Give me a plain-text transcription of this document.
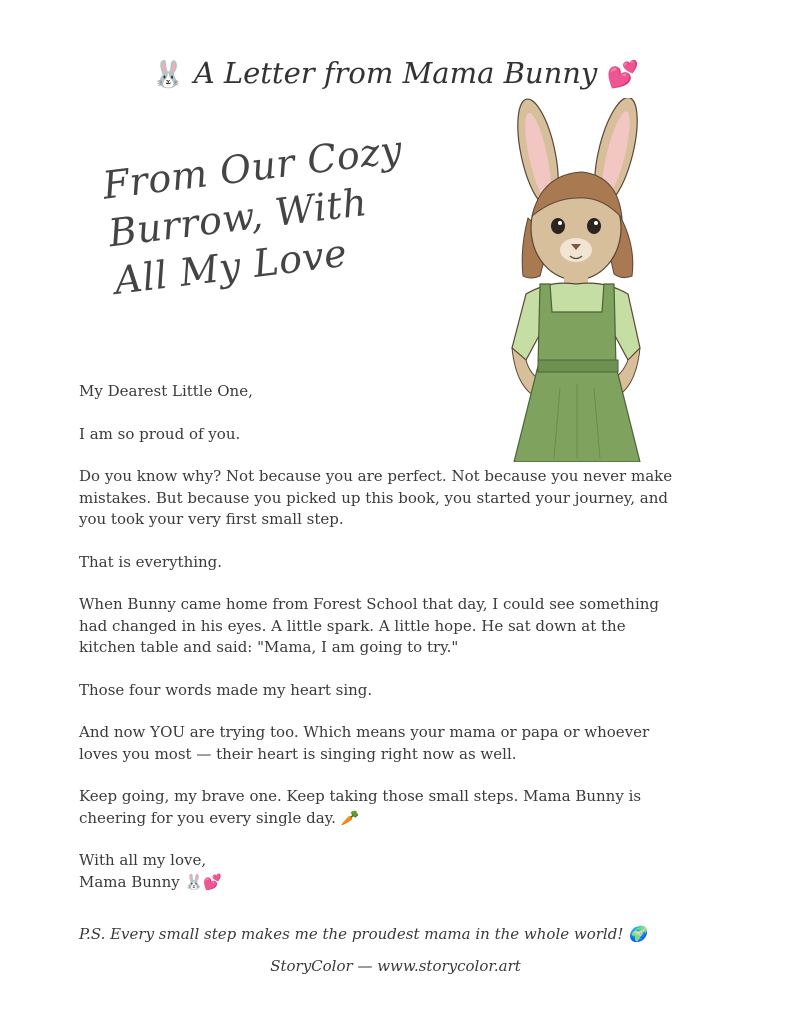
🐰 A Letter from Mama Bunny 💕
From Our Cozy Burrow, With All My Love

My Dearest Little One,

I am so proud of you.

Do you know why? Not because you are perfect. Not because you never make mistakes. But because you picked up this book, you started your journey, and you took your very first small step.

That is everything.

When Bunny came home from Forest School that day, I could see something had changed in his eyes. A little spark. A little hope. He sat down at the kitchen table and said: "Mama, I am going to try."

Those four words made my heart sing.

And now YOU are trying too. Which means your mama or papa or whoever loves you most — their heart is singing right now as well.

Keep going, my brave one. Keep taking those small steps. Mama Bunny is cheering for you every single day. 🥕

With all my love,

Mama Bunny 🐰💕

P.S. Every small step makes me the proudest mama in the whole world! 🌍
StoryColor — www.storycolor.art
